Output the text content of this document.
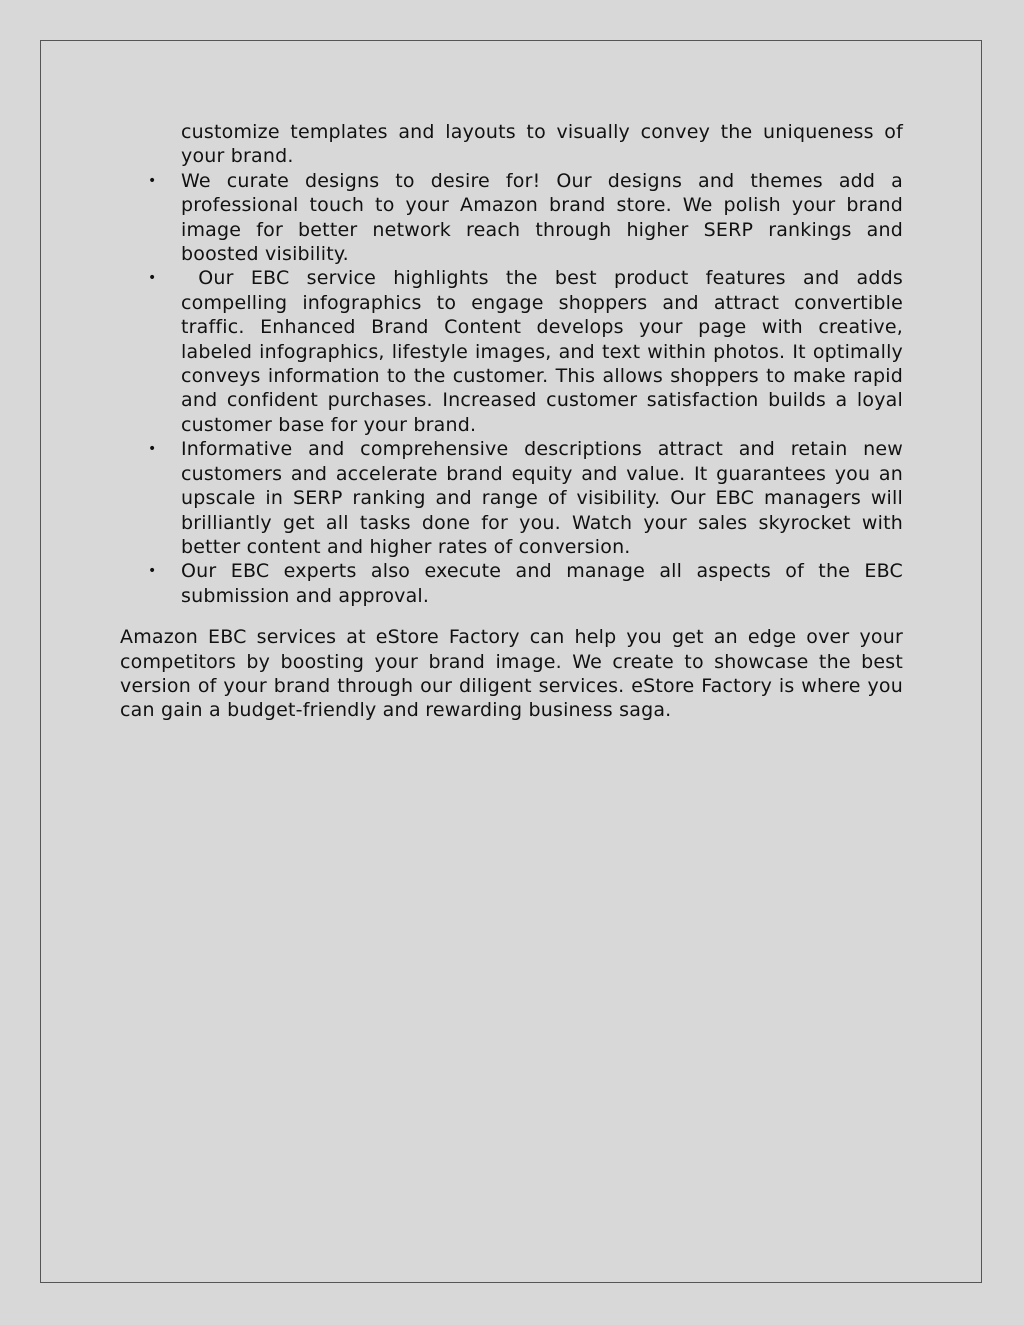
customize templates and layouts to visually convey the uniqueness of your brand.

• We curate designs to desire for! Our designs and themes add a professional touch to your Amazon brand store. We polish your brand image for better network reach through higher SERP rankings and boosted visibility.
• Our EBC service highlights the best product features and adds compelling infographics to engage shoppers and attract convertible traffic. Enhanced Brand Content develops your page with creative, labeled infographics, lifestyle images, and text within photos. It optimally conveys information to the customer. This allows shoppers to make rapid and confident purchases. Increased customer satisfaction builds a loyal customer base for your brand.
• Informative and comprehensive descriptions attract and retain new customers and accelerate brand equity and value. It guarantees you an upscale in SERP ranking and range of visibility. Our EBC managers will brilliantly get all tasks done for you. Watch your sales skyrocket with better content and higher rates of conversion.
• Our EBC experts also execute and manage all aspects of the EBC submission and approval.

Amazon EBC services at eStore Factory can help you get an edge over your competitors by boosting your brand image. We create to showcase the best version of your brand through our diligent services. eStore Factory is where you can gain a budget-friendly and rewarding business saga.
